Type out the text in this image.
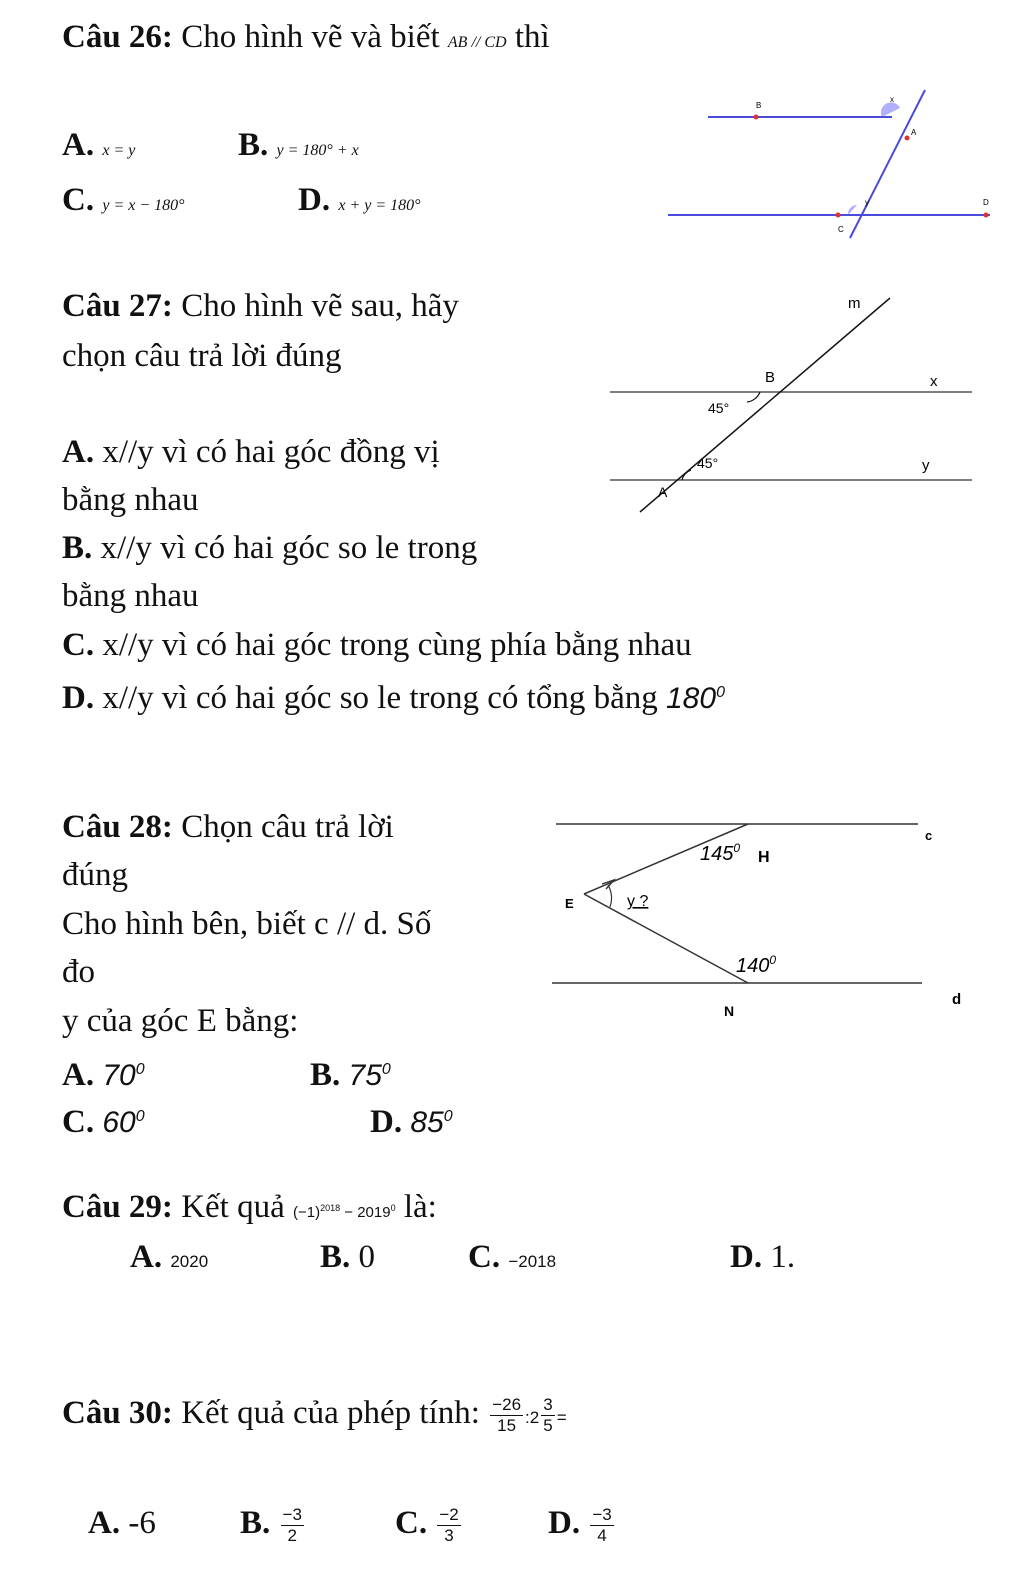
Câu 26: Cho hình vẽ và biết AB // CD thì
A. x = y	B. y = 180° + x
C. y = x − 180°	D. x + y = 180°
B
x
A
y
C
D
Câu 27: Cho hình vẽ sau, hãy
chọn câu trả lời đúng
A. x//y vì có hai góc đồng vị
bằng nhau
B. x//y vì có hai góc so le trong
bằng nhau
C. x//y vì có hai góc trong cùng phía bằng nhau
D. x//y vì có hai góc so le trong có tổng bằng $180^0$
m
B	x
45°
45°	y
A
Câu 28: Chọn câu trả lời
đúng
Cho hình bên, biết c // d. Số
đo
y của góc E bằng:
A. $70^0$	B. $75^0$
C. $60^0$	D. $85^0$
c
H
$145^0$
E	y ?
$140^0$
N
d
Câu 29: Kết quả $(-1)^{2018} - 2019^0$ là:
A. 2020	B. 0	C. −2018	D. 1.
Câu 30: Kết quả của phép tính: $\frac{-26}{15}$ :2 $\frac{3}{5}$ =
A. -6	B. $\frac{-3}{2}$	C. $\frac{-2}{3}$	D. $\frac{-3}{4}$
